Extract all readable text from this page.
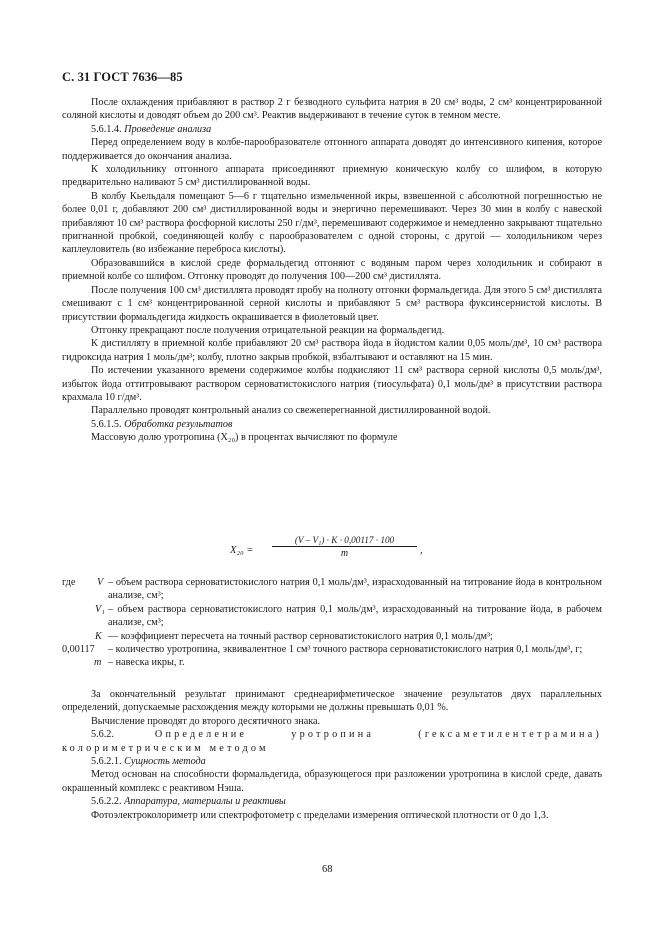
С. 31 ГОСТ 7636—85

После охлаждения прибавляют в раствор 2 г безводного сульфита натрия в 20 см³ воды, 2 см³ концентрированной соляной кислоты и доводят объем до 200 см³. Реактив выдерживают в течение суток в темном месте.

5.6.1.4. Проведение анализа

Перед определением воду в колбе-парообразователе отгонного аппарата доводят до интенсивного кипения, которое поддерживается до окончания анализа.

К холодильнику отгонного аппарата присоединяют приемную коническую колбу со шлифом, в которую предварительно наливают 5 см³ дистиллированной воды.

В колбу Кьельдаля помещают 5—6 г тщательно измельченной икры, взвешенной с абсолютной погрешностью не более 0,01 г, добавляют 200 см³ дистиллированной воды и энергично перемешивают. Через 30 мин в колбу с навеской прибавляют 10 см³ раствора фосфорной кислоты 250 г/дм³, перемешивают содержимое и немедленно закрывают тщательно пригнанной пробкой, соединяющей колбу с парообразователем с одной стороны, с другой — холодильником через каплеуловитель (во избежание переброса кислоты).

Образовавшийся в кислой среде формальдегид отгоняют с водяным паром через холодильник и собирают в приемной колбе со шлифом. Отгонку проводят до получения 100—200 см³ дистиллята.

После получения 100 см³ дистиллята проводят пробу на полноту отгонки формальдегида. Для этого 5 см³ дистиллята смешивают с 1 см³ концентрированной серной кислоты и прибавляют 5 см³ раствора фуксинсернистой кислоты. В присутствии формальдегида жидкость окрашивается в фиолетовый цвет.

Отгонку прекращают после получения отрицательной реакции на формальдегид.

К дистилляту в приемной колбе прибавляют 20 см³ раствора йода в йодистом калии 0,05 моль/дм³, 10 см³ раствора гидроксида натрия 1 моль/дм³; колбу, плотно закрыв пробкой, взбалтывают и оставляют на 15 мин.

По истечении указанного времени содержимое колбы подкисляют 11 см³ раствора серной кислоты 0,5 моль/дм³, избыток йода оттитровывают раствором серноватистокислого натрия (тиосульфата) 0,1 моль/дм³ в присутствии раствора крахмала 10 г/дм³.

Параллельно проводят контрольный анализ со свежеперегнанной дистиллированной водой.

5.6.1.5. Обработка результатов

Массовую долю уротропина (X₂₀) в процентах вычисляют по формуле

$X_{20} = \frac{\text{(V – V₁) · K · 0,00117 · 100}}{m}$ ,
где V – объем раствора серноватистокислого натрия 0,1 моль/дм³, израсходованный на титрование йода в контрольном анализе, см³;
V₁ – объем раствора серноватистокислого натрия 0,1 моль/дм³, израсходованный на титрование йода, в рабочем анализе, см³;
K — коэффициент пересчета на точный раствор серноватистокислого натрия 0,1 моль/дм³;
0,00117 – количество уротропина, эквивалентное 1 см³ точного раствора серноватистокислого натрия 0,1 моль/дм³, г;
m – навеска икры, г.

За окончательный результат принимают среднеарифметическое значение результатов двух параллельных определений, допускаемые расхождения между которыми не должны превышать 0,01 %.

Вычисление проводят до второго десятичного знака.

5.6.2.	Определение уротропина (гексаметилентетрамина) колориметрическим методом

5.6.2.1. Сущность метода

Метод основан на способности формальдегида, образующегося при разложении уротропина в кислой среде, давать окрашенный комплекс с реактивом Нэша.

5.6.2.2. Аппаратура, материалы и реактивы

Фотоэлектроколориметр или спектрофотометр с пределами измерения оптической плотности от 0 до 1,3.

68
